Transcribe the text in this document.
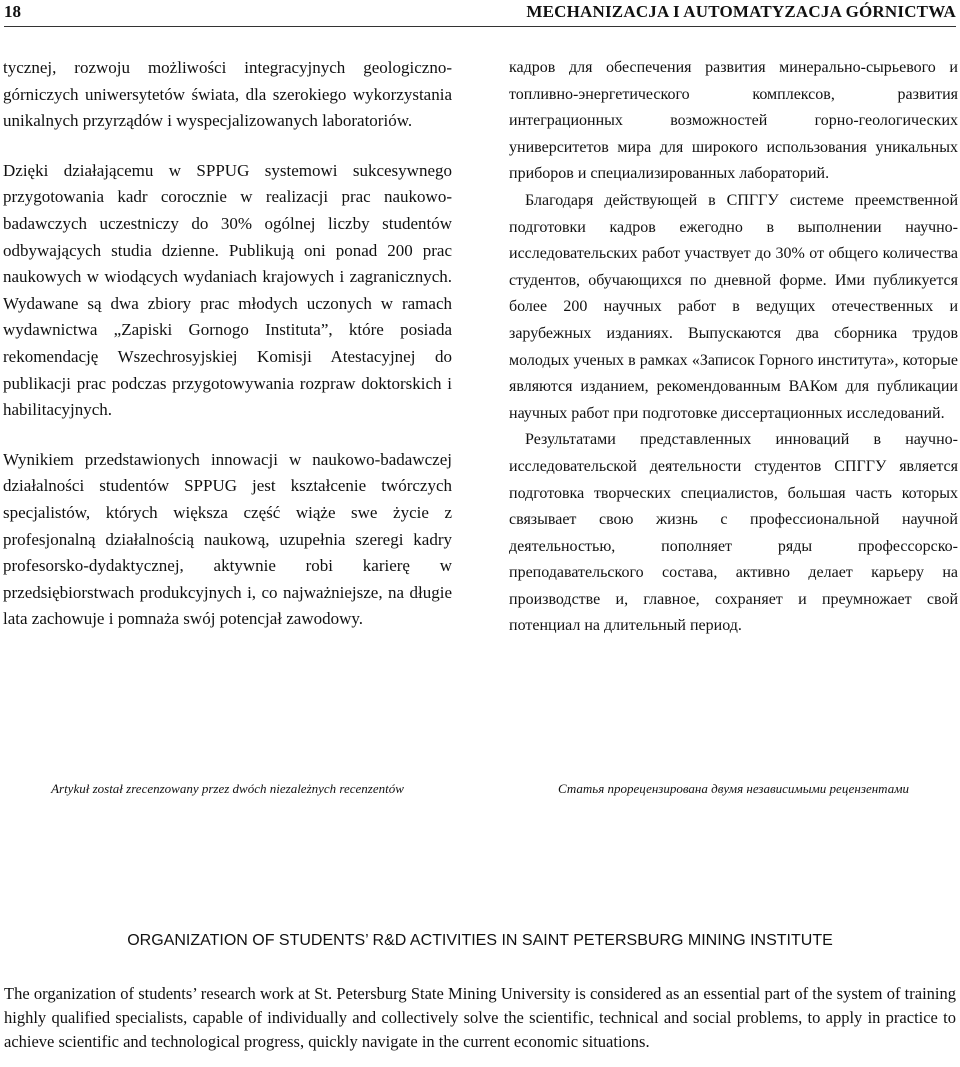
18	MECHANIZACJA I AUTOMATYZACJA GÓRNICTWA

tycznej, rozwoju możliwości integracyjnych geologiczno-górniczych uniwersytetów świata, dla szerokiego wykorzystania unikalnych przyrządów i wyspecjalizowanych laboratoriów.

Dzięki działającemu w SPPUG systemowi sukcesywnego przygotowania kadr corocznie w realizacji prac naukowo-badawczych uczestniczy do 30% ogólnej liczby studentów odbywających studia dzienne. Publikują oni ponad 200 prac naukowych w wiodących wydaniach krajowych i zagranicznych. Wydawane są dwa zbiory prac młodych uczonych w ramach wydawnictwa „Zapiski Gornogo Instituta”, które posiada rekomendację Wszechrosyjskiej Komisji Atestacyjnej do publikacji prac podczas przygotowywania rozpraw doktorskich i habilitacyjnych.

Wynikiem przedstawionych innowacji w naukowo-badawczej działalności studentów SPPUG jest kształcenie twórczych specjalistów, których większa część wiąże swe życie z profesjonalną działalnością naukową, uzupełnia szeregi kadry profesorsko-dydaktycznej, aktywnie robi karierę w przedsiębiorstwach produkcyjnych i, co najważniejsze, na długie lata zachowuje i pomnaża swój potencjał zawodowy.

кадров для обеспечения развития минерально-сырьевого и топливно-энергетического комплексов, развития интеграционных возможностей горно-геологических университетов мира для широкого использования уникальных приборов и специализированных лабораторий.

Благодаря действующей в СПГГУ системе преемственной подготовки кадров ежегодно в выполнении научно-исследовательских работ участвует до 30% от общего количества студентов, обучающихся по дневной форме. Ими публикуется более 200 научных работ в ведущих отечественных и зарубежных изданиях. Выпускаются два сборника трудов молодых ученых в рамках «Записок Горного института», которые являются изданием, рекомендованным ВАКом для публикации научных работ при подготовке диссертационных исследований.

Результатами представленных инноваций в научно-исследовательской деятельности студентов СПГГУ является подготовка творческих специалистов, большая часть которых связывает свою жизнь с профессиональной научной деятельностью, пополняет ряды профессорско-преподавательского состава, активно делает карьеру на производстве и, главное, сохраняет и преумножает свой потенциал на длительный период.

Artykuł został zrecenzowany przez dwóch niezależnych recenzentów	Статья прорецензирована двумя независимыми рецензентами
ORGANIZATION OF STUDENTS’ R&D ACTIVITIES IN SAINT PETERSBURG MINING INSTITUTE

The organization of students’ research work at St. Petersburg State Mining University is considered as an essential part of the system of training highly qualified specialists, capable of individually and collectively solve the scientific, technical and social problems, to apply in practice to achieve scientific and technological progress, quickly navigate in the current economic situations.
